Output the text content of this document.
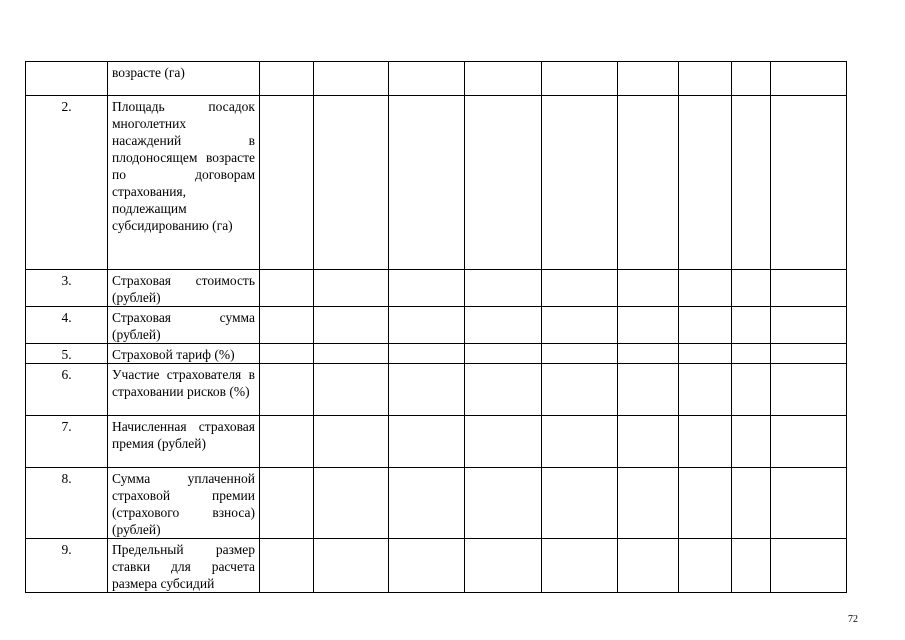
	возрасте (га)										
2.	Площадь посадок многолетних насаждений в плодоносящем возрасте по договорам страхования, подлежащим субсидированию (га)										
3.	Страховая стоимость (рублей)										
4.	Страховая сумма (рублей)										
5.	Страховой тариф (%)										
6.	Участие страхователя в страховании рисков (%)										
7.	Начисленная страховая премия (рублей)										
8.	Сумма уплаченной страховой премии (страхового взноса) (рублей)										
9.	Предельный размер ставки для расчета размера субсидий										
72
